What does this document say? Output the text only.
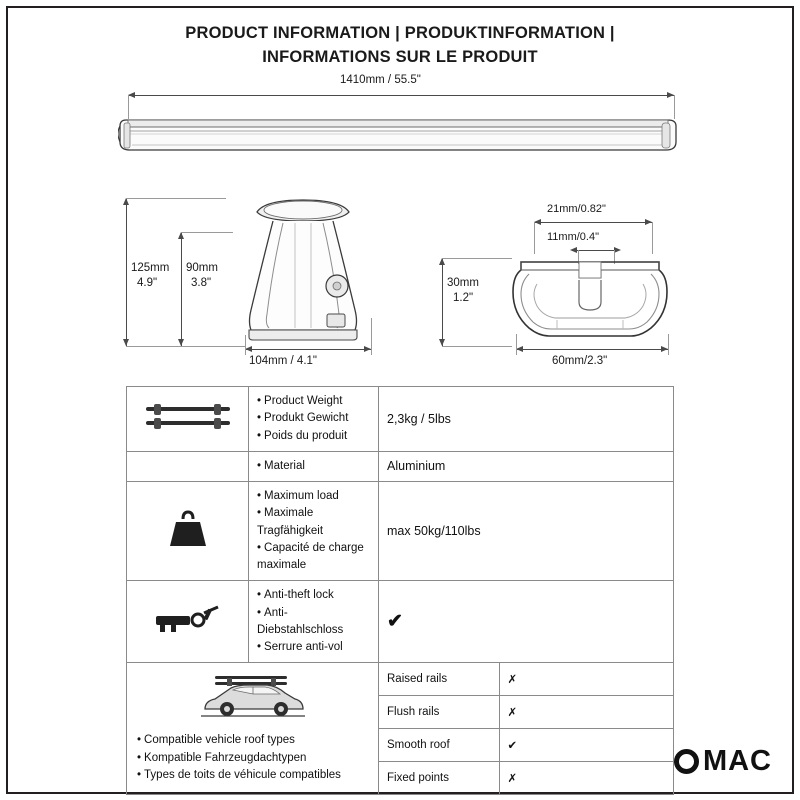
PRODUCT INFORMATION | PRODUKTINFORMATION |
INFORMATIONS SUR LE PRODUIT
1410mm / 55.5"
125mm
4.9"
90mm
3.8"
104mm / 4.1"
21mm/0.82"
11mm/0.4"
30mm
1.2"
60mm/2.3"

• Product Weight
• Produkt Gewicht
• Poids du produit
	2,3kg / 5lbs

• Material	Aluminium

• Maximum load
• Maximale Tragfähigkeit
• Capacité de charge maximale
	max 50kg/110lbs

• Anti-theft lock
• Anti-Diebstahlschloss
• Serrure anti-vol
	✔

• Compatible vehicle roof types
• Kompatible Fahrzeugdachtypen
• Types de toits de véhicule compatibles

Raised rails	✗
Flush rails	✗
Smooth roof	✔
Fixed points	✗
MAC
